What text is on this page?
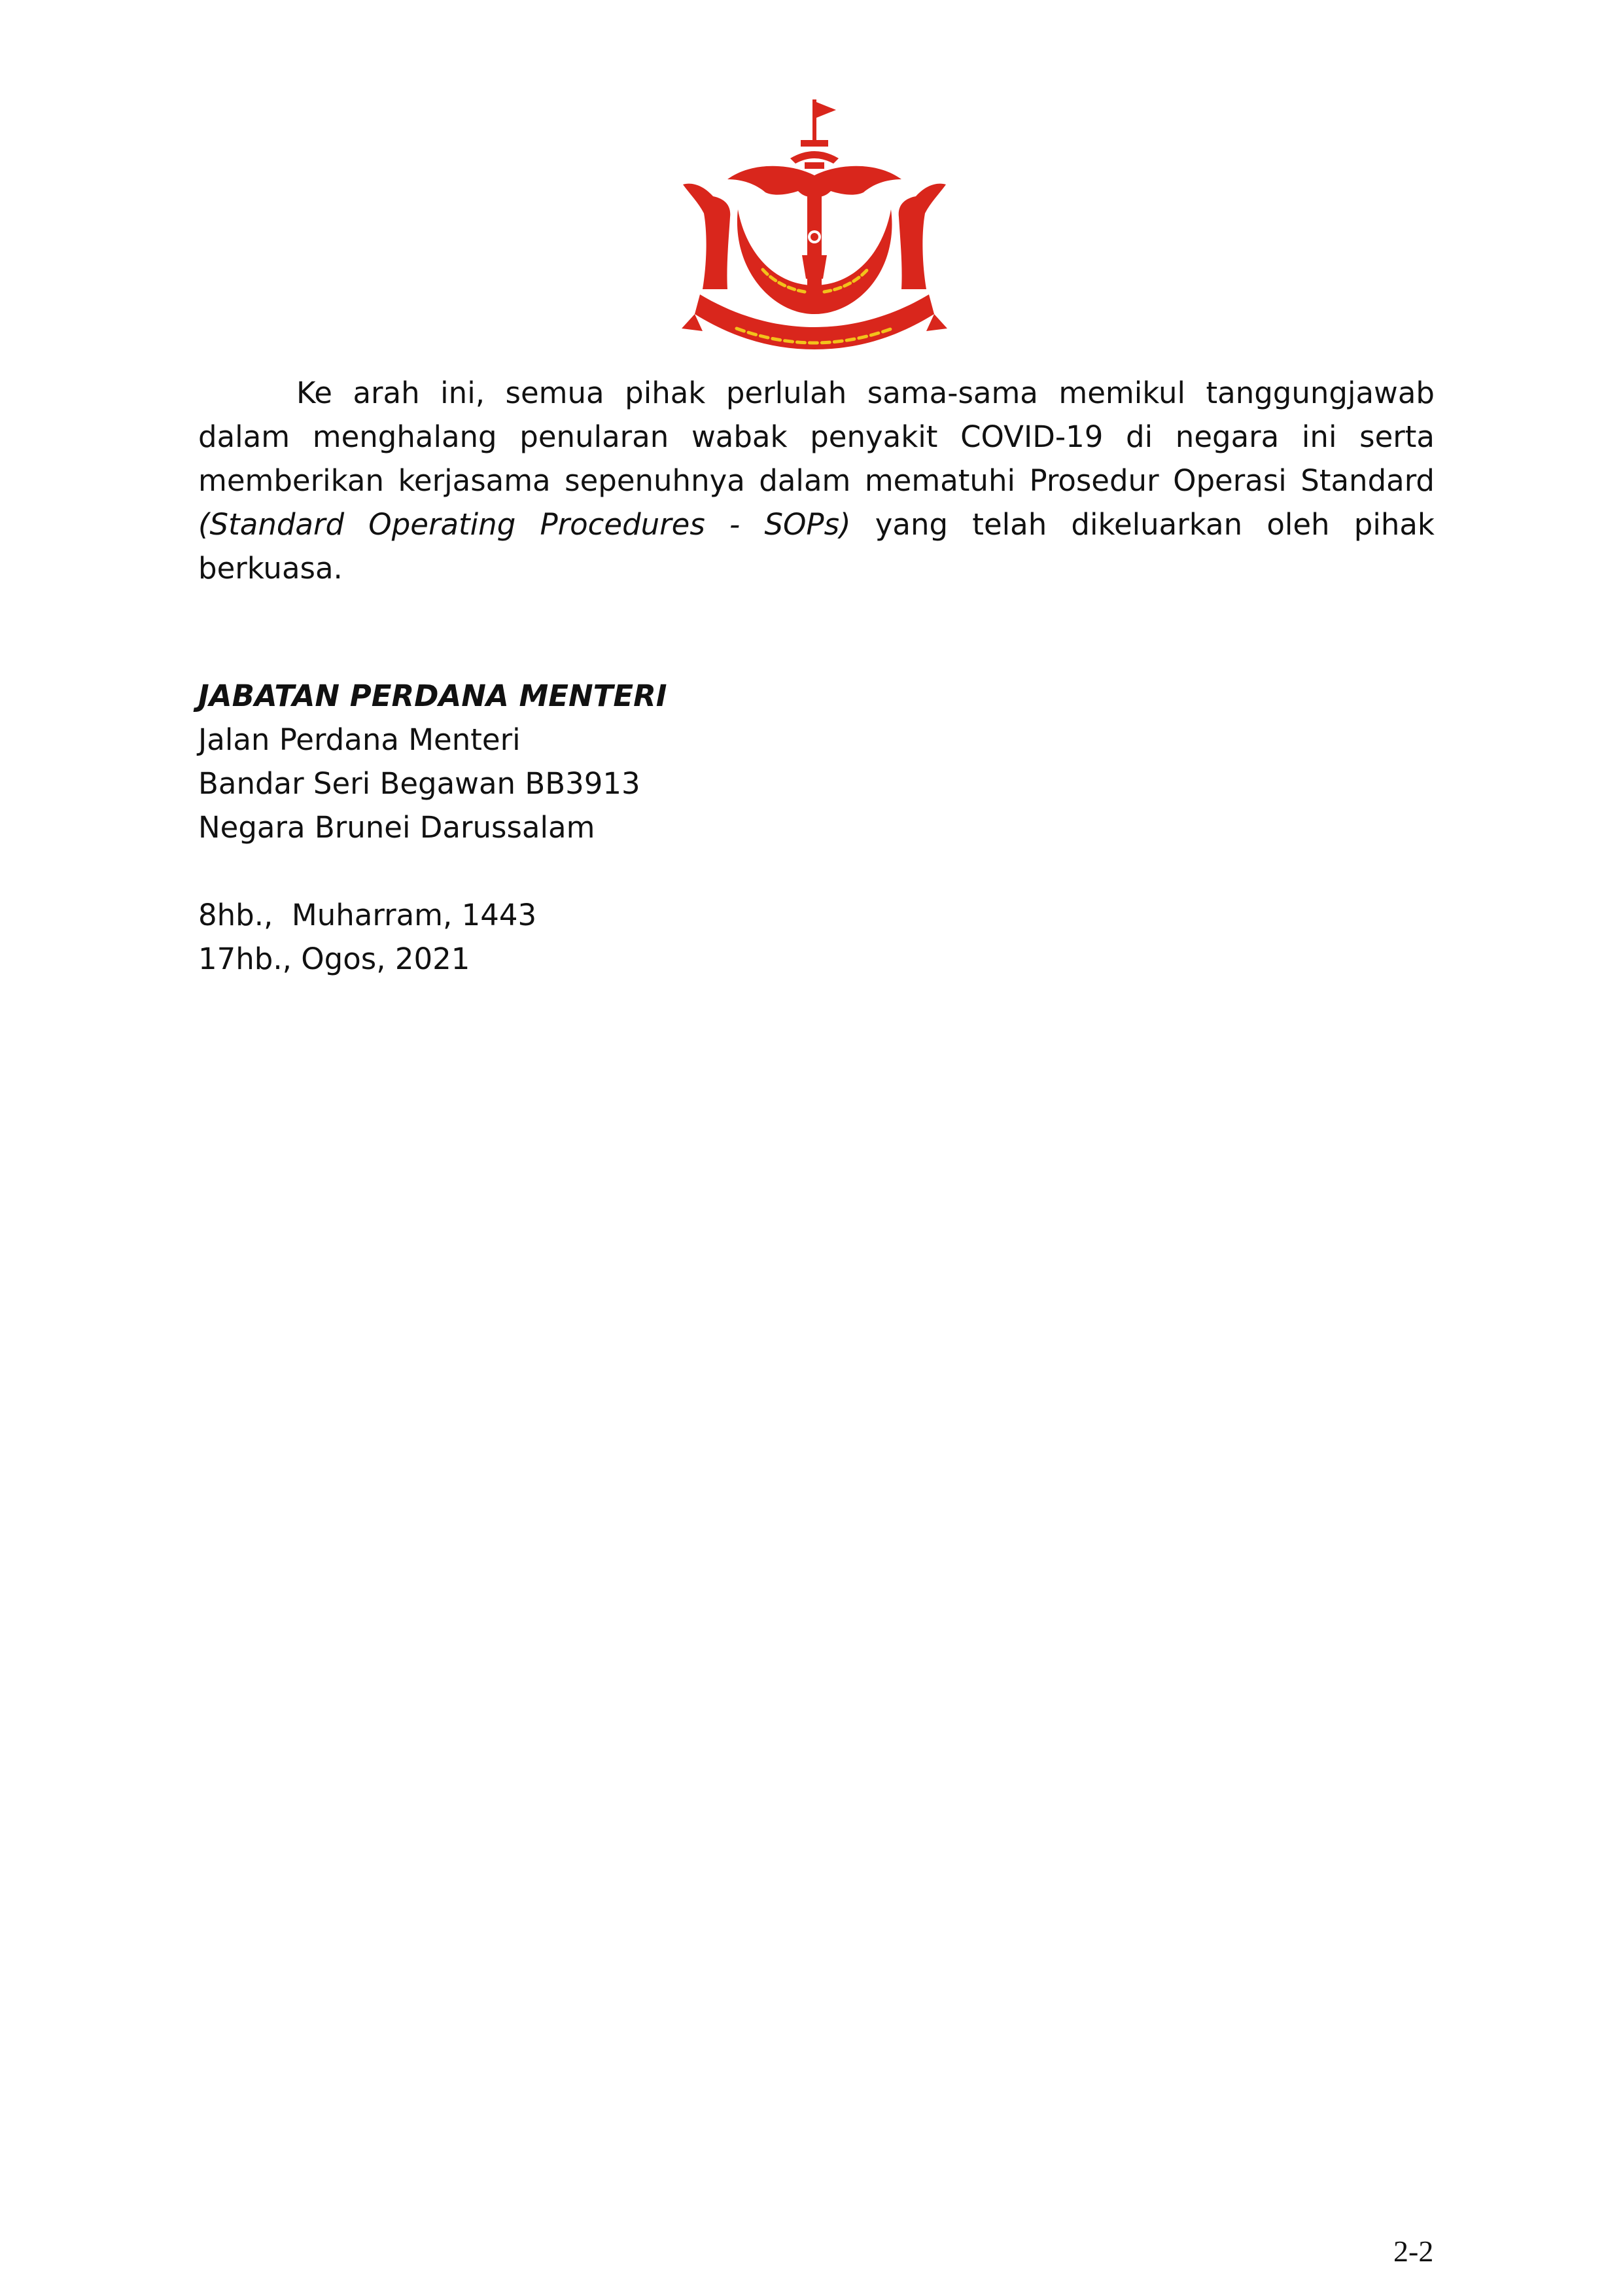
Ke arah ini, semua pihak perlulah sama-sama memikul tanggungjawab dalam menghalang penularan wabak penyakit COVID-19 di negara ini serta memberikan kerjasama sepenuhnya dalam mematuhi Prosedur Operasi Standard (Standard Operating Procedures - SOPs) yang telah dikeluarkan oleh pihak berkuasa.
JABATAN PERDANA MENTERI
Jalan Perdana Menteri
Bandar Seri Begawan BB3913
Negara Brunei Darussalam
8hb.,  Muharram, 1443
17hb., Ogos, 2021
2-2
